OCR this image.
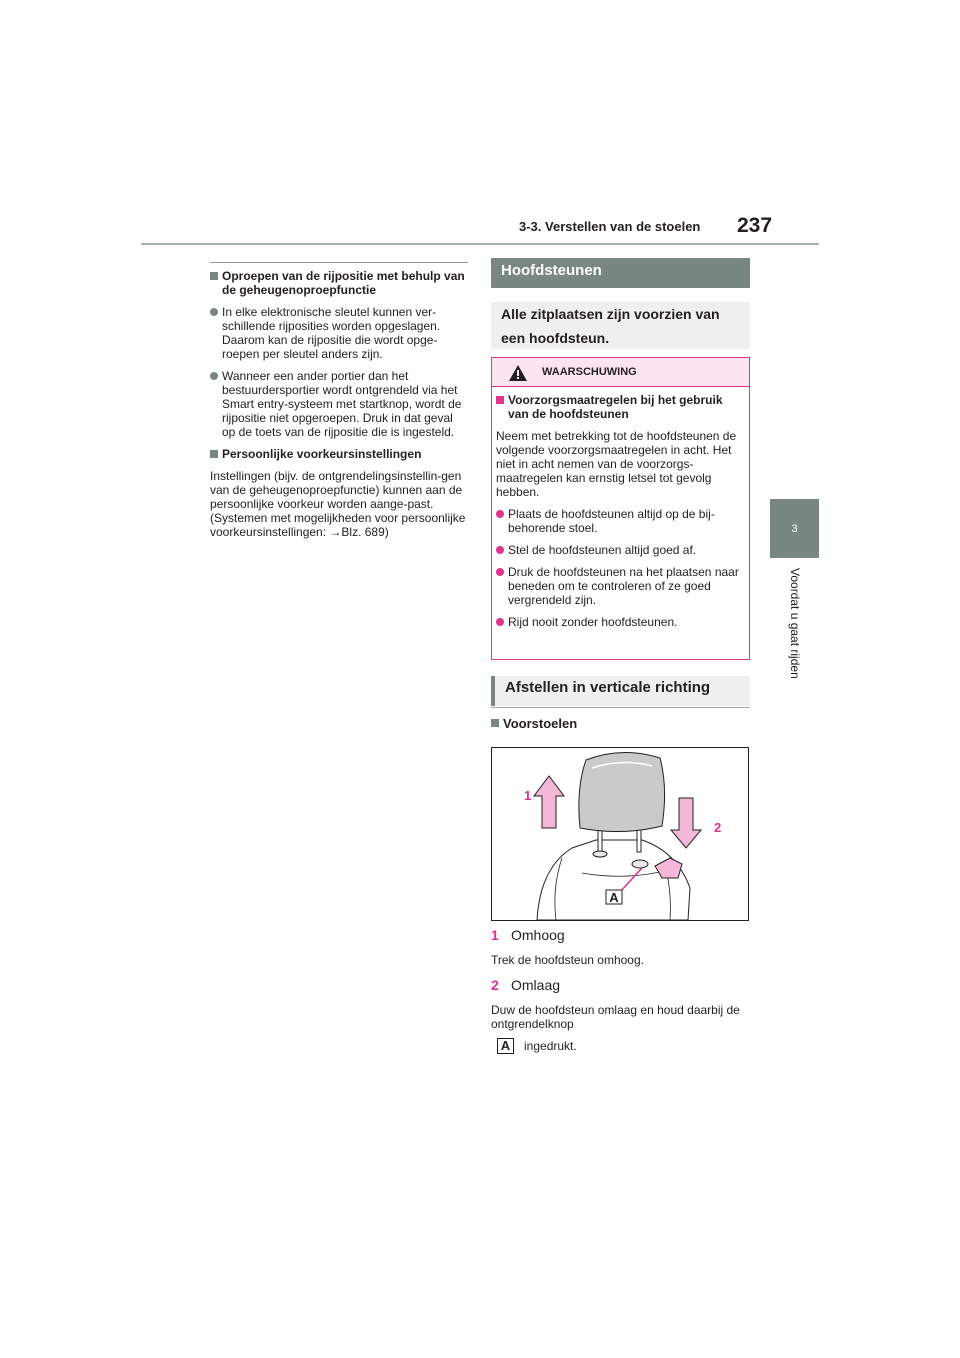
3-3. Verstellen van de stoelen 237
3
Voordat u gaat rijden
Oproepen van de rijpositie met behulp van de geheugenoproepfunctie
In elke elektronische sleutel kunnen ver-schillende rijposities worden opgeslagen. Daarom kan de rijpositie die wordt opge-roepen per sleutel anders zijn.
Wanneer een ander portier dan het bestuurdersportier wordt ontgrendeld via het Smart entry-systeem met startknop, wordt de rijpositie niet opgeroepen. Druk in dat geval op de toets van de rijpositie die is ingesteld.
Persoonlijke voorkeursinstellingen
Instellingen (bijv. de ontgrendelingsinstellin-gen van de geheugenoproepfunctie) kunnen aan de persoonlijke voorkeur worden aange-past. (Systemen met mogelijkheden voor persoonlijke voorkeursinstellingen: →Blz. 689)
Hoofdsteunen
Alle zitplaatsen zijn voorzien van een hoofdsteun.
WAARSCHUWING
Voorzorgsmaatregelen bij het gebruik van de hoofdsteunen
Neem met betrekking tot de hoofdsteunen de volgende voorzorgsmaatregelen in acht. Het niet in acht nemen van de voorzorgs-maatregelen kan ernstig letsel tot gevolg hebben.
Plaats de hoofdsteunen altijd op de bij-behorende stoel.
Stel de hoofdsteunen altijd goed af.
Druk de hoofdsteunen na het plaatsen naar beneden om te controleren of ze goed vergrendeld zijn.
Rijd nooit zonder hoofdsteunen.
Afstellen in verticale richting
Voorstoelen
A
1
2
1 Omhoog
Trek de hoofdsteun omhoog.
2 Omlaag
Duw de hoofdsteun omlaag en houd daarbij de ontgrendelknop
A	ingedrukt.
